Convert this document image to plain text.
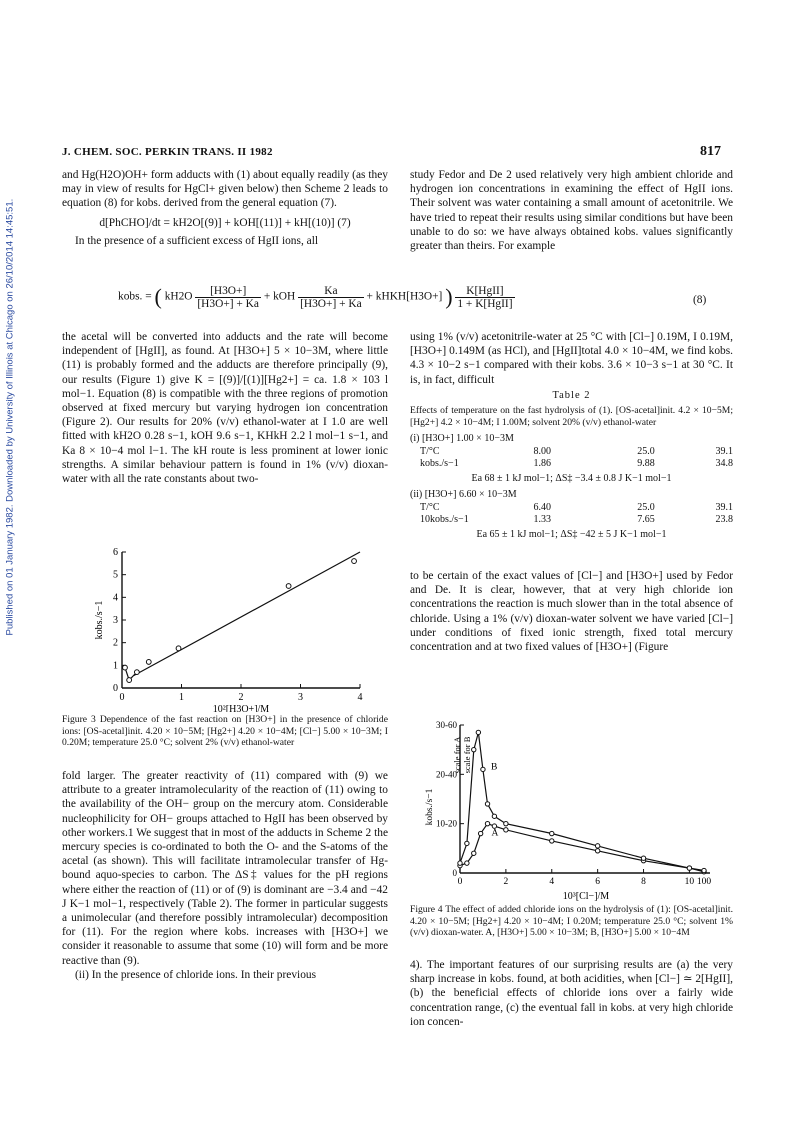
Published on 01 January 1982. Downloaded by University of Illinois at Chicago on 26/10/2014 14:45:51.
J. CHEM. SOC. PERKIN TRANS. II 1982	817

and Hg(H2O)OH+ form adducts with (1) about equally readily (as they may in view of results for HgCl+ given below) then Scheme 2 leads to equation (8) for kobs. derived from the general equation (7).

d[PhCHO]/dt = kH2O[(9)] + kOH[(11)] + kH[(10)] (7)

In the presence of a sufficient excess of HgII ions, all

study Fedor and De 2 used relatively very high ambient chloride and hydrogen ion concentrations in examining the effect of HgII ions. Their solvent was water containing a small amount of acetonitrile. We have tried to repeat their results using similar conditions but have been unable to do so: we have always obtained kobs. values significantly greater than theirs. For example

kobs. = ( $kH2O \frac{[H3O+]}{[H3O+] + Ka}$ + kOH $\frac{Ka}{[H3O+] + Ka}$ + kHKH[H3O+] ) $\frac{\text{K[HgII]}}{\text{1 + K[HgII]}}$	(8)

the acetal will be converted into adducts and the rate will become independent of [HgII], as found. At [H3O+] 5 × 10−3M, where little (11) is probably formed and the adducts are therefore principally (9), our results (Figure 1) give K = [(9)]/[(1)][Hg2+] = ca. 1.8 × 103 l mol−1. Equation (8) is compatible with the three regions of promotion observed at fixed mercury but varying hydrogen ion concentration (Figure 2). Our results for 20% (v/v) ethanol-water at I 1.0 are well fitted with kH2O 0.28 s−1, kOH 9.6 s−1, KHkH 2.2 l mol−1 s−1, and Ka 8 × 10−4 mol l−1. The kH route is less prominent at lower ionic strengths. A similar behaviour pattern is found in 1% (v/v) dioxan-water with all the rate constants about two-

using 1% (v/v) acetonitrile-water at 25 °C with [Cl−] 0.19M, I 0.19M, [H3O+] 0.149M (as HCl), and [HgII]total 4.0 × 10−4M, we find kobs. 4.3 × 10−2 s−1 compared with their kobs. 3.6 × 10−3 s−1 at 30 °C. It is, in fact, difficult

Table 2
Effects of temperature on the fast hydrolysis of (1). [OS-acetal]init. 4.2 × 10−5M; [Hg2+] 4.2 × 10−4M; I 1.00M; solvent 20% (v/v) ethanol-water
(i) [H3O+] 1.00 × 10−3M
T/°C	8.00	25.0	39.1
kobs./s−1	1.86	9.88	34.8
Ea 68 ± 1 kJ mol−1; ΔS‡ −3.4 ± 0.8 J K−1 mol−1
(ii) [H3O+] 6.60 × 10−3M
T/°C	6.40	25.0	39.1
10kobs./s−1	1.33	7.65	23.8
Ea 65 ± 1 kJ mol−1; ΔS‡ −42 ± 5 J K−1 mol−1

to be certain of the exact values of [Cl−] and [H3O+] used by Fedor and De. It is clear, however, that at very high chloride ion concentrations the reaction is much slower than in the total absence of chloride. Using a 1% (v/v) dioxan-water solvent we have varied [Cl−] under conditions of fixed ionic strength, fixed total mercury concentration and at two fixed values of [H3O+] (Figure

0	1	2	3	4
0
1
2
3
4
5
6
kobs./s−1
10²[H3O+]/M
Figure 3 Dependence of the fast reaction on [H3O+] in the presence of chloride ions: [OS-acetal]init. 4.20 × 10−5M; [Hg2+] 4.20 × 10−4M; [Cl−] 5.00 × 10−3M; I 0.20M; temperature 25.0 °C; solvent 2% (v/v) ethanol-water

fold larger. The greater reactivity of (11) compared with (9) we attribute to a greater intramolecularity of the reaction of (11) owing to the availability of the OH− group on the mercury atom. Considerable nucleophilicity for OH− groups attached to HgII has been observed by other workers.1 We suggest that in most of the adducts in Scheme 2 the mercury species is co-ordinated to both the O- and the S-atoms of the acetal (as shown). This will facilitate intramolecular transfer of Hg-bound aquo-species to carbon. The ΔS‡ values for the pH regions where either the reaction of (11) or of (9) is dominant are −3.4 and −42 J K−1 mol−1, respectively (Table 2). The former in particular suggests a unimolecular (and therefore possibly intramolecular) decomposition for (11). For the region where kobs. increases with [H3O+] we consider it reasonable to assume that some (10) will form and be more reactive than (9).

(ii) In the presence of chloride ions. In their previous

0	2	4	6	8	10 100
0
10-20
20-40
30-60
kobs./s−1
scale for A scale for B
10³[Cl−]/M
A
B
Figure 4 The effect of added chloride ions on the hydrolysis of (1): [OS-acetal]init. 4.20 × 10−5M; [Hg2+] 4.20 × 10−4M; I 0.20M; temperature 25.0 °C; solvent 1% (v/v) dioxan-water. A, [H3O+] 5.00 × 10−3M; B, [H3O+] 5.00 × 10−4M

4). The important features of our surprising results are (a) the very sharp increase in kobs. found, at both acidities, when [Cl−] ≃ 2[HgII], (b) the beneficial effects of chloride ions over a fairly wide concentration range, (c) the eventual fall in kobs. at very high chloride ion concen-
